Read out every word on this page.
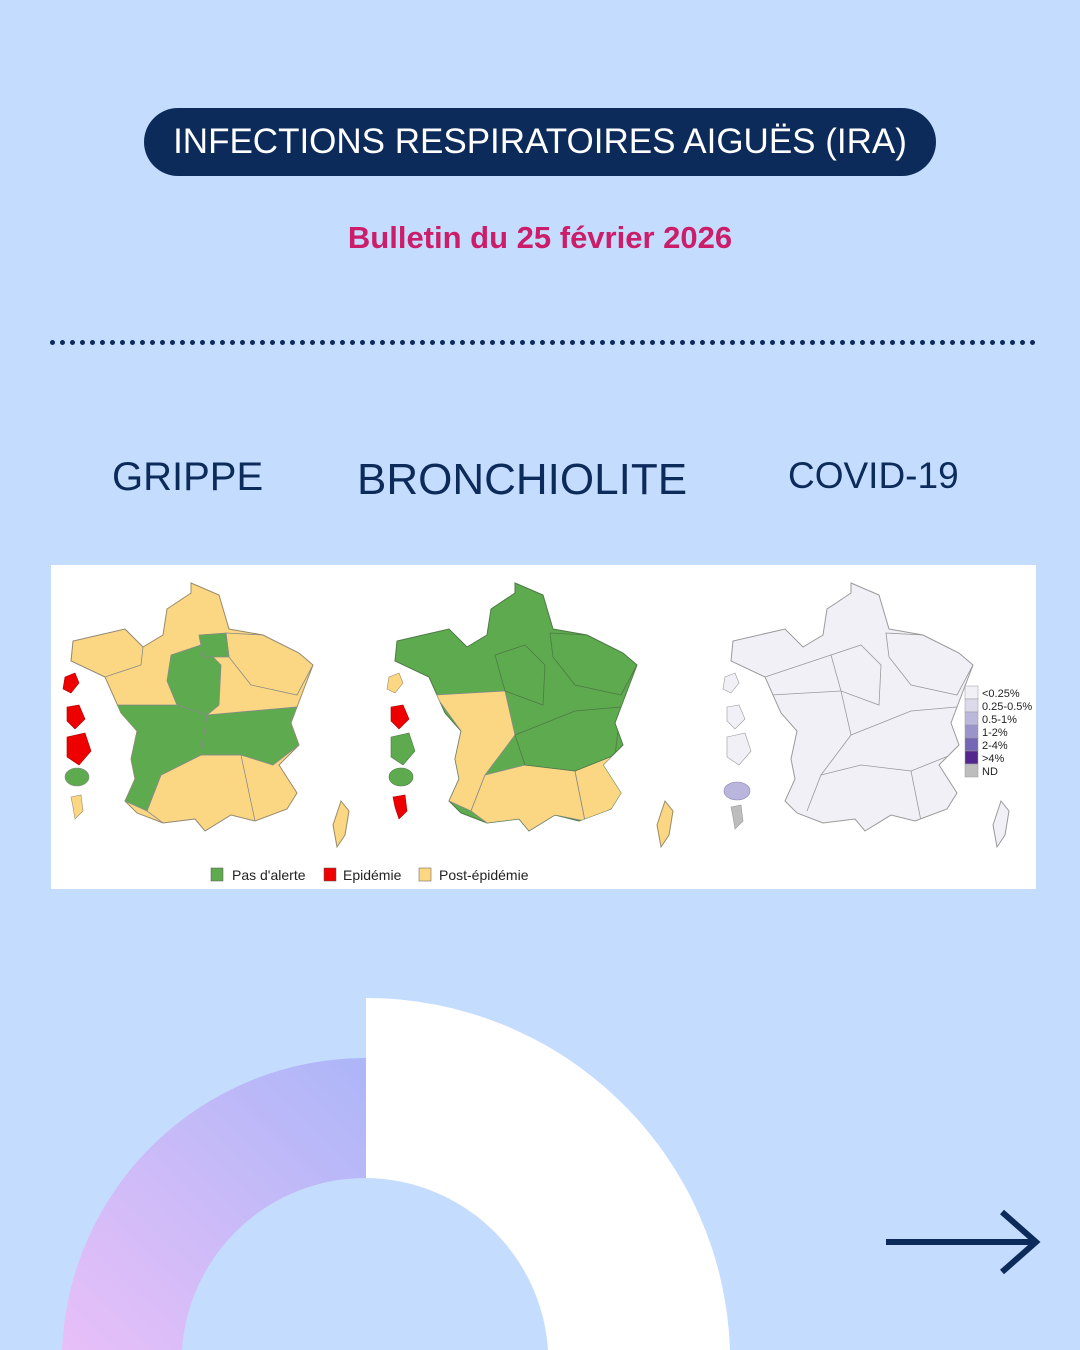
INFECTIONS RESPIRATOIRES AIGUËS (IRA)
Bulletin du 25 février 2026
GRIPPE BRONCHIOLITE	COVID-19
<0.25%
0.25-0.5%
0.5-1%
1-2%
2-4%
>4%
ND
Pas d'alerte	Epidémie	Post-épidémie
